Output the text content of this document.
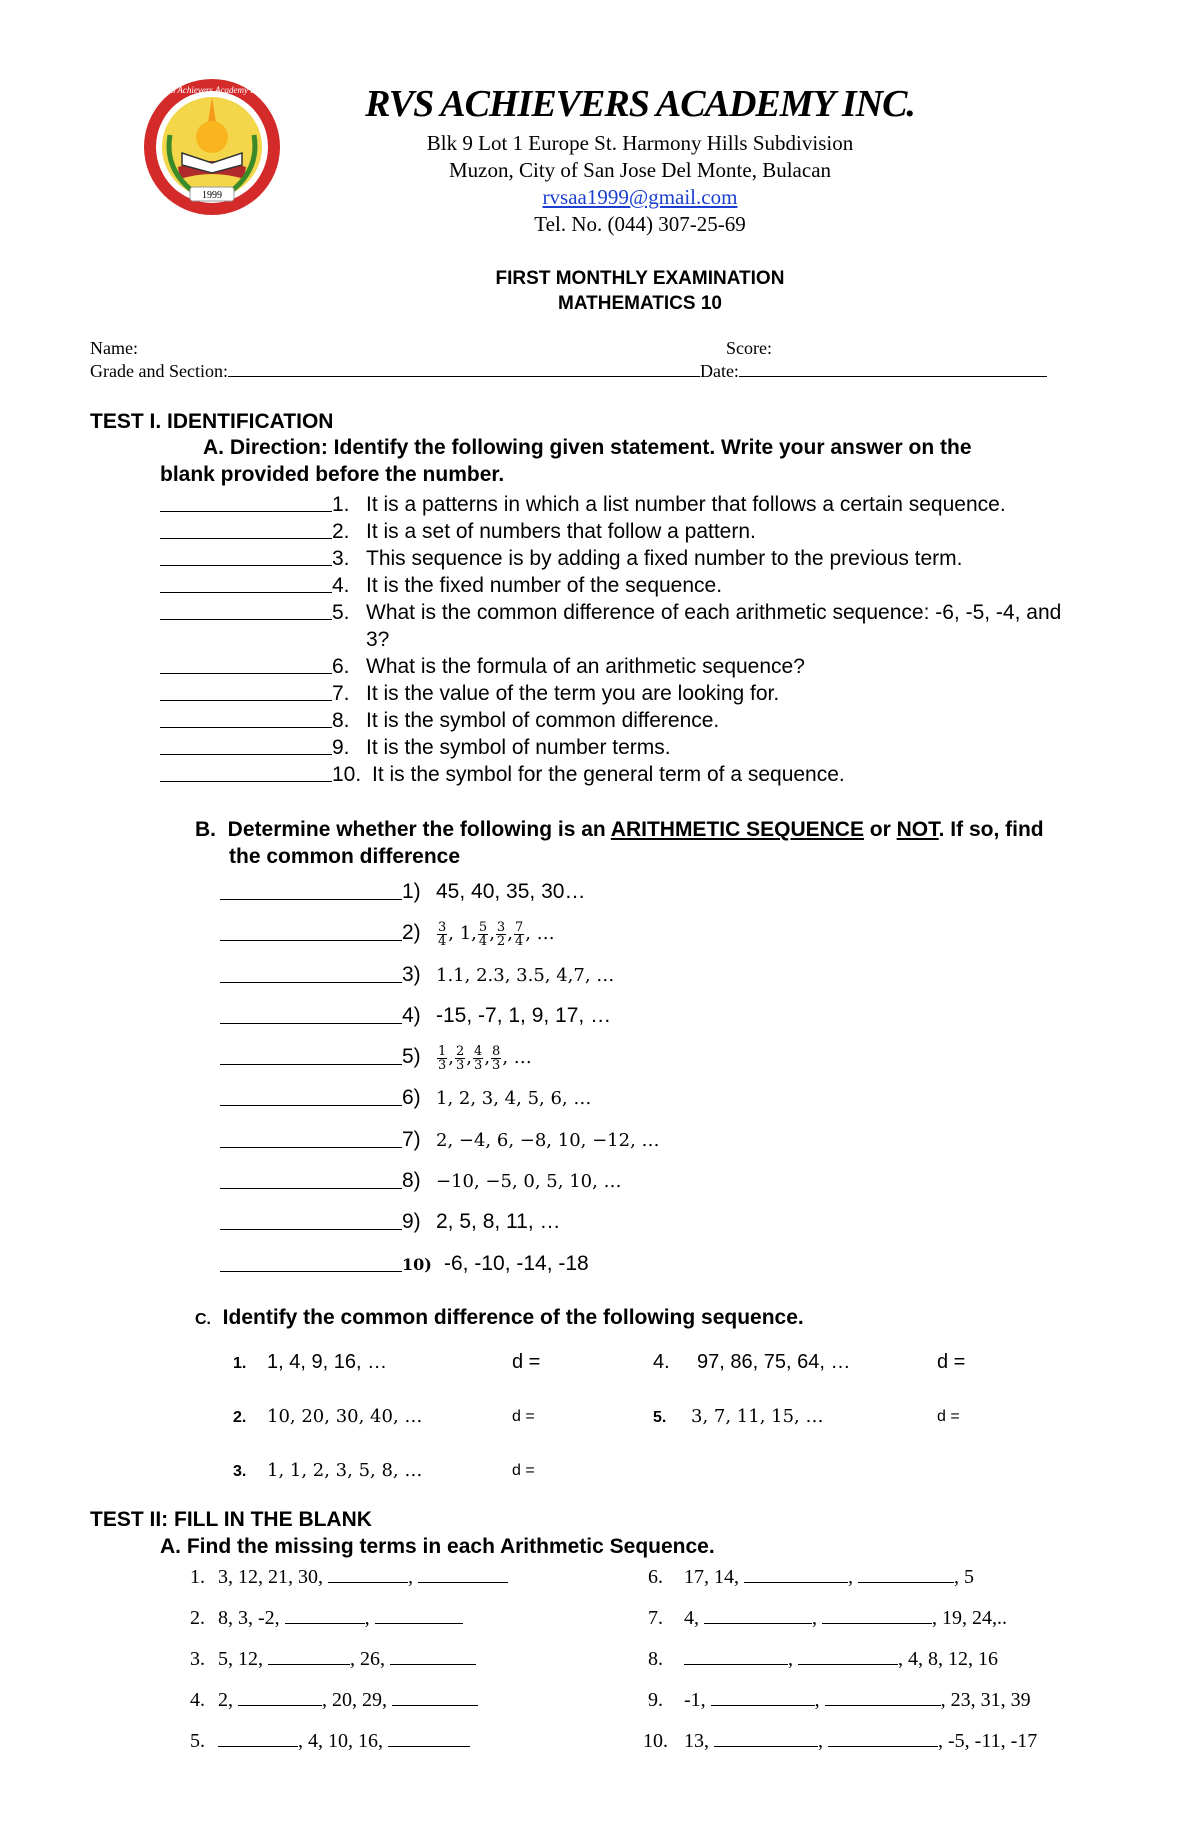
1999
RVS Achievers Academy Inc.	RVS ACHIEVERS ACADEMY INC.
Blk 9 Lot 1 Europe St. Harmony Hills Subdivision
Muzon, City of San Jose Del Monte, Bulacan
rvsaa1999@gmail.com
Tel. No. (044) 307-25-69
FIRST MONTHLY EXAMINATION
MATHEMATICS 10
Name:	Score:
Grade and Section:	Date:
TEST I. IDENTIFICATION
A. Direction: Identify the following given statement. Write your answer on the
blank provided before the number.
1. It is a patterns in which a list number that follows a certain sequence.
2. It is a set of numbers that follow a pattern.
3. This sequence is by adding a fixed number to the previous term.
4. It is the fixed number of the sequence.
5. What is the common difference of each arithmetic sequence: -6, -5, -4, and
3?
6. What is the formula of an arithmetic sequence?
7. It is the value of the term you are looking for.
8. It is the symbol of common difference.
9. It is the symbol of number terms.
10. It is the symbol for the general term of a sequence.
B. Determine whether the following is an ARITHMETIC SEQUENCE or NOT. If so, find
the common difference
1) 45, 40, 35, 30…
$2) \frac{3}{4}$ , 1, $\frac{5}{4}$ , $\frac{3}{2}$ , $\frac{7}{4}$ , …
3) 1.1, 2.3, 3.5, 4,7, …
4) -15, -7, 1, 9, 17, …
$5) \frac{1}{3}$ , $\frac{2}{3}$ , $\frac{4}{3}$ , $\frac{8}{3}$ , …
6) 1, 2, 3, 4, 5, 6, …
7) 2, −4, 6, −8, 10, −12, …
8) −10, −5, 0, 5, 10, …
9) 2, 5, 8, 11, …
10) -6, -10, -14, -18
C. Identify the common difference of the following sequence.
1. 1, 4, 9, 16, …	d =	4. 97, 86, 75, 64, …	d =
2. 10, 20, 30, 40, …	d =	5. 3, 7, 11, 15, …	d =
3. 1, 1, 2, 3, 5, 8, …	d =
TEST II: FILL IN THE BLANK
A. Find the missing terms in each Arithmetic Sequence.
1. 3, 12, 21, 30,	,
2. 8, 3, -2,	,
3. 5, 12,	, 26,
4. 2,	, 20, 29,
5.	, 4, 10, 16,
6. 17, 14,	,	, 5
7. 4,	,	, 19, 24,..
8.	,	, 4, 8, 12, 16
9. -1,	,	, 23, 31, 39
10. 13,	,	, -5, -11, -17
